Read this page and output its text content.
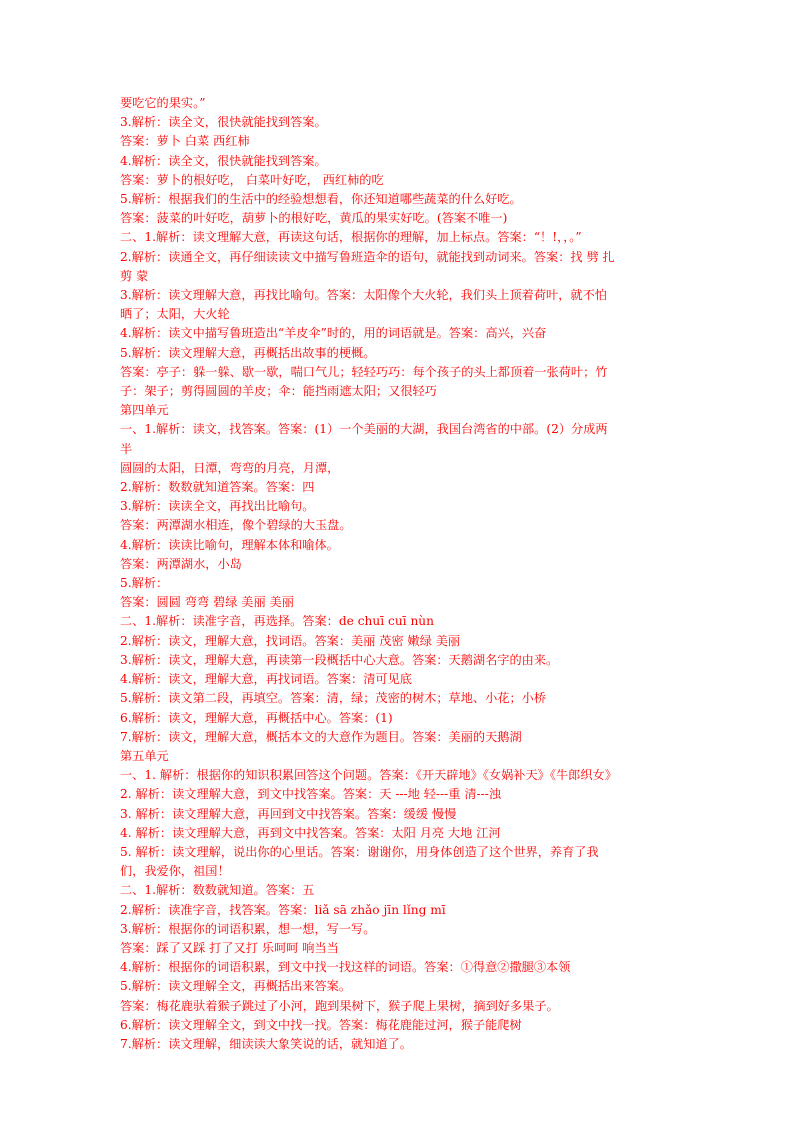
要吃它的果实。”
3.解析：读全文，很快就能找到答案。
答案：萝卜 白菜 西红柿
4.解析：读全文，很快就能找到答案。
答案：萝卜的根好吃， 白菜叶好吃， 西红柿的吃
5.解析：根据我们的生活中的经验想想看，你还知道哪些蔬菜的什么好吃。
答案：菠菜的叶好吃，葫萝卜的根好吃，黄瓜的果实好吃。(答案不唯一)
二、1.解析：读文理解大意，再读这句话，根据你的理解，加上标点。答案：“！!，，。”
2.解析：读通全文，再仔细读读文中描写鲁班造伞的语句，就能找到动词来。答案：找 劈 扎
剪 蒙
3.解析：读文理解大意，再找比喻句。答案：太阳像个大火轮，我们头上顶着荷叶，就不怕
晒了；太阳，大火轮
4.解析：读文中描写鲁班造出“羊皮伞”时的，用的词语就是。答案：高兴，兴奋
5.解析：读文理解大意，再概括出故事的梗概。
答案：亭子：躲一躲、歇一歇，喘口气儿；轻轻巧巧：每个孩子的头上都顶着一张荷叶；竹
子：架子；剪得圆圆的羊皮；伞：能挡雨遮太阳；又很轻巧
第四单元
一、1.解析：读文，找答案。答案：(1）一个美丽的大湖，我国台湾省的中部。(2）分成两
半
圆圆的太阳，日潭，弯弯的月亮，月潭，
2.解析：数数就知道答案。答案：四
3.解析：读读全文，再找出比喻句。
答案：两潭湖水相连，像个碧绿的大玉盘。
4.解析：读读比喻句，理解本体和喻体。
答案：两潭湖水，小岛
5.解析：
答案：圆圆 弯弯 碧绿 美丽 美丽
二、1.解析：读准字音，再选择。答案：de chuī cuī nùn
2.解析：读文，理解大意，找词语。答案：美丽 茂密 嫩绿 美丽
3.解析：读文，理解大意，再读第一段概括中心大意。答案：天鹅湖名字的由来。
4.解析：读文，理解大意，再找词语。答案：清可见底
5.解析：读文第二段，再填空。答案：清，绿；茂密的树木；草地、小花；小桥
6.解析：读文，理解大意，再概括中心。答案：(1)
7.解析：读文，理解大意，概括本文的大意作为题目。答案：美丽的天鹅湖
第五单元
一、1. 解析：根据你的知识积累回答这个问题。答案：《开天辟地》《女娲补天》《牛郎织女》
2. 解析：读文理解大意，到文中找答案。答案：天 ---地 轻---重 清---浊
3. 解析：读文理解大意，再回到文中找答案。答案：缓缓 慢慢
4. 解析：读文理解大意，再到文中找答案。答案：太阳 月亮 大地 江河
5. 解析：读文理解，说出你的心里话。答案：谢谢你，用身体创造了这个世界，养育了我
们，我爱你，祖国！
二、1.解析：数数就知道。答案：五
2.解析：读准字音，找答案。答案：liǎ sā zhǎo jīn lǐng mī
3.解析：根据你的词语积累，想一想，写一写。
答案：踩了又踩 打了又打 乐呵呵 响当当
4.解析：根据你的词语积累，到文中找一找这样的词语。答案：①得意②撒腿③本领
5.解析：读文理解全文，再概括出来答案。
答案：梅花鹿驮着猴子跳过了小河，跑到果树下，猴子爬上果树，摘到好多果子。
6.解析：读文理解全文，到文中找一找。答案：梅花鹿能过河，猴子能爬树
7.解析：读文理解，细读读大象笑说的话，就知道了。
